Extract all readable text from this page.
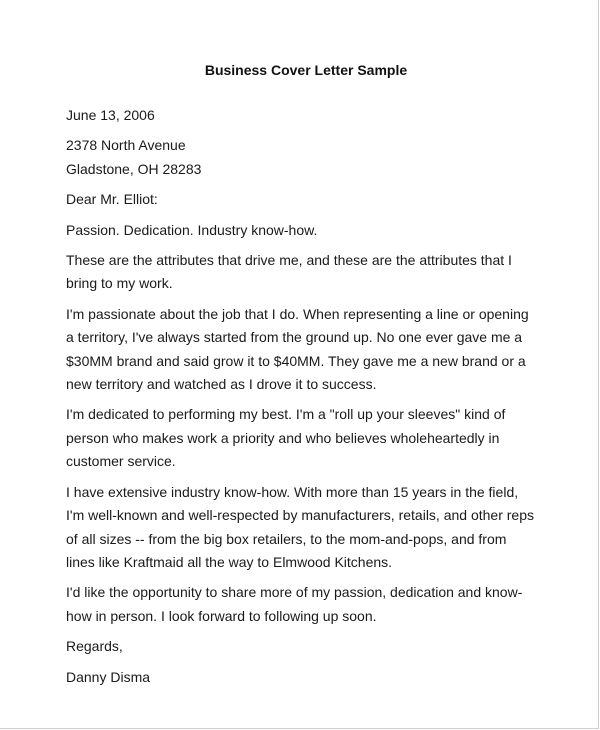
Business Cover Letter Sample

June 13, 2006

2378 North Avenue
Gladstone, OH 28283

Dear Mr. Elliot:

Passion. Dedication. Industry know-how.

These are the attributes that drive me, and these are the attributes that I bring to my work.

I'm passionate about the job that I do. When representing a line or opening a territory, I've always started from the ground up. No one ever gave me a $30MM brand and said grow it to $40MM. They gave me a new brand or a new territory and watched as I drove it to success.

I'm dedicated to performing my best. I'm a "roll up your sleeves" kind of person who makes work a priority and who believes wholeheartedly in customer service.

I have extensive industry know-how. With more than 15 years in the field, I'm well-known and well-respected by manufacturers, retails, and other reps of all sizes -- from the big box retailers, to the mom-and-pops, and from lines like Kraftmaid all the way to Elmwood Kitchens.

I'd like the opportunity to share more of my passion, dedication and know-how in person. I look forward to following up soon.

Regards,

Danny Disma
